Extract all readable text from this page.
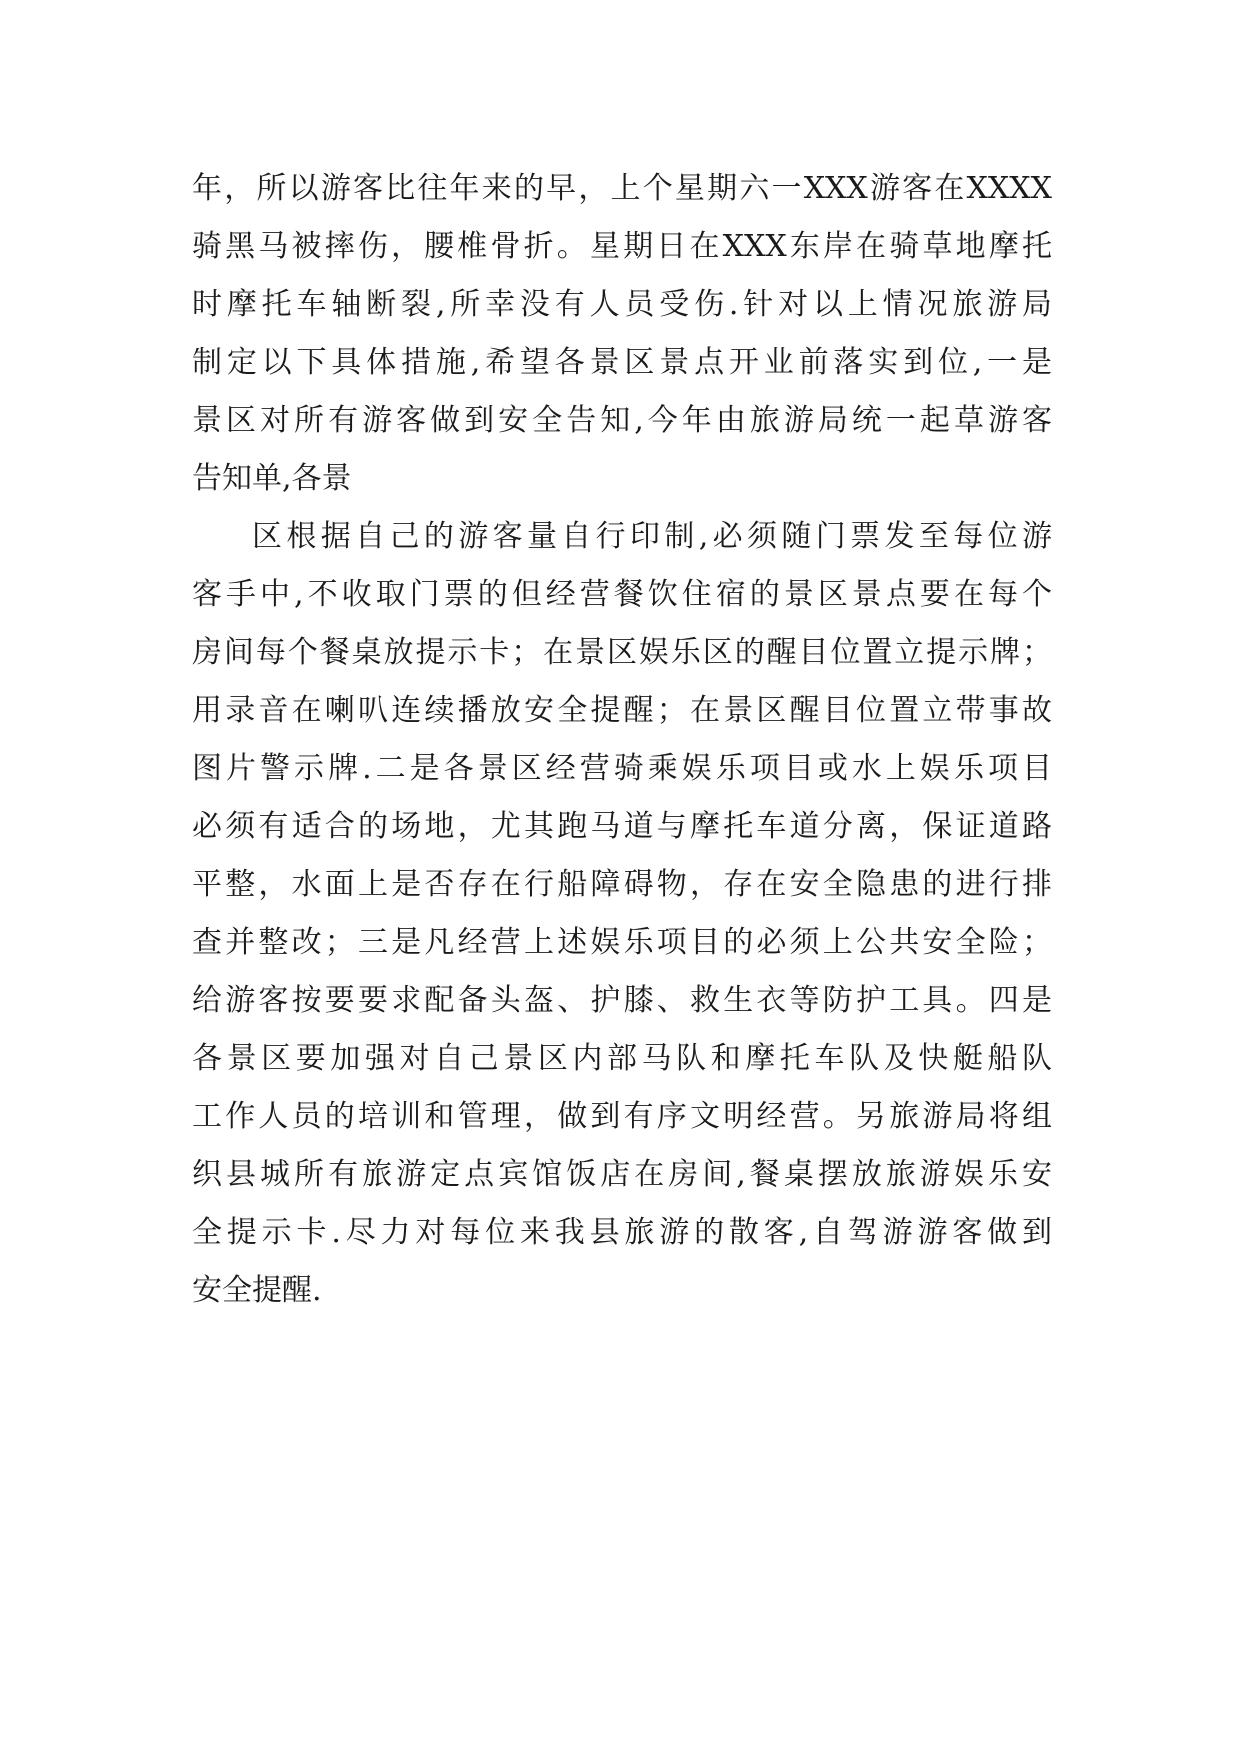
年，所以游客比往年来的早，上个星期六一XXX游客在XXXX
骑黑马被摔伤，腰椎骨折。星期日在XXX东岸在骑草地摩托
时摩托车轴断裂,所幸没有人员受伤.针对以上情况旅游局
制定以下具体措施,希望各景区景点开业前落实到位,一是
景区对所有游客做到安全告知,今年由旅游局统一起草游客
告知单,各景
区根据自己的游客量自行印制,必须随门票发至每位游
客手中,不收取门票的但经营餐饮住宿的景区景点要在每个
房间每个餐桌放提示卡；在景区娱乐区的醒目位置立提示牌；
用录音在喇叭连续播放安全提醒；在景区醒目位置立带事故
图片警示牌.二是各景区经营骑乘娱乐项目或水上娱乐项目
必须有适合的场地，尤其跑马道与摩托车道分离，保证道路
平整，水面上是否存在行船障碍物，存在安全隐患的进行排
查并整改；三是凡经营上述娱乐项目的必须上公共安全险；
给游客按要要求配备头盔、护膝、救生衣等防护工具。四是
各景区要加强对自己景区内部马队和摩托车队及快艇船队
工作人员的培训和管理，做到有序文明经营。另旅游局将组
织县城所有旅游定点宾馆饭店在房间,餐桌摆放旅游娱乐安
全提示卡.尽力对每位来我县旅游的散客,自驾游游客做到
安全提醒.
